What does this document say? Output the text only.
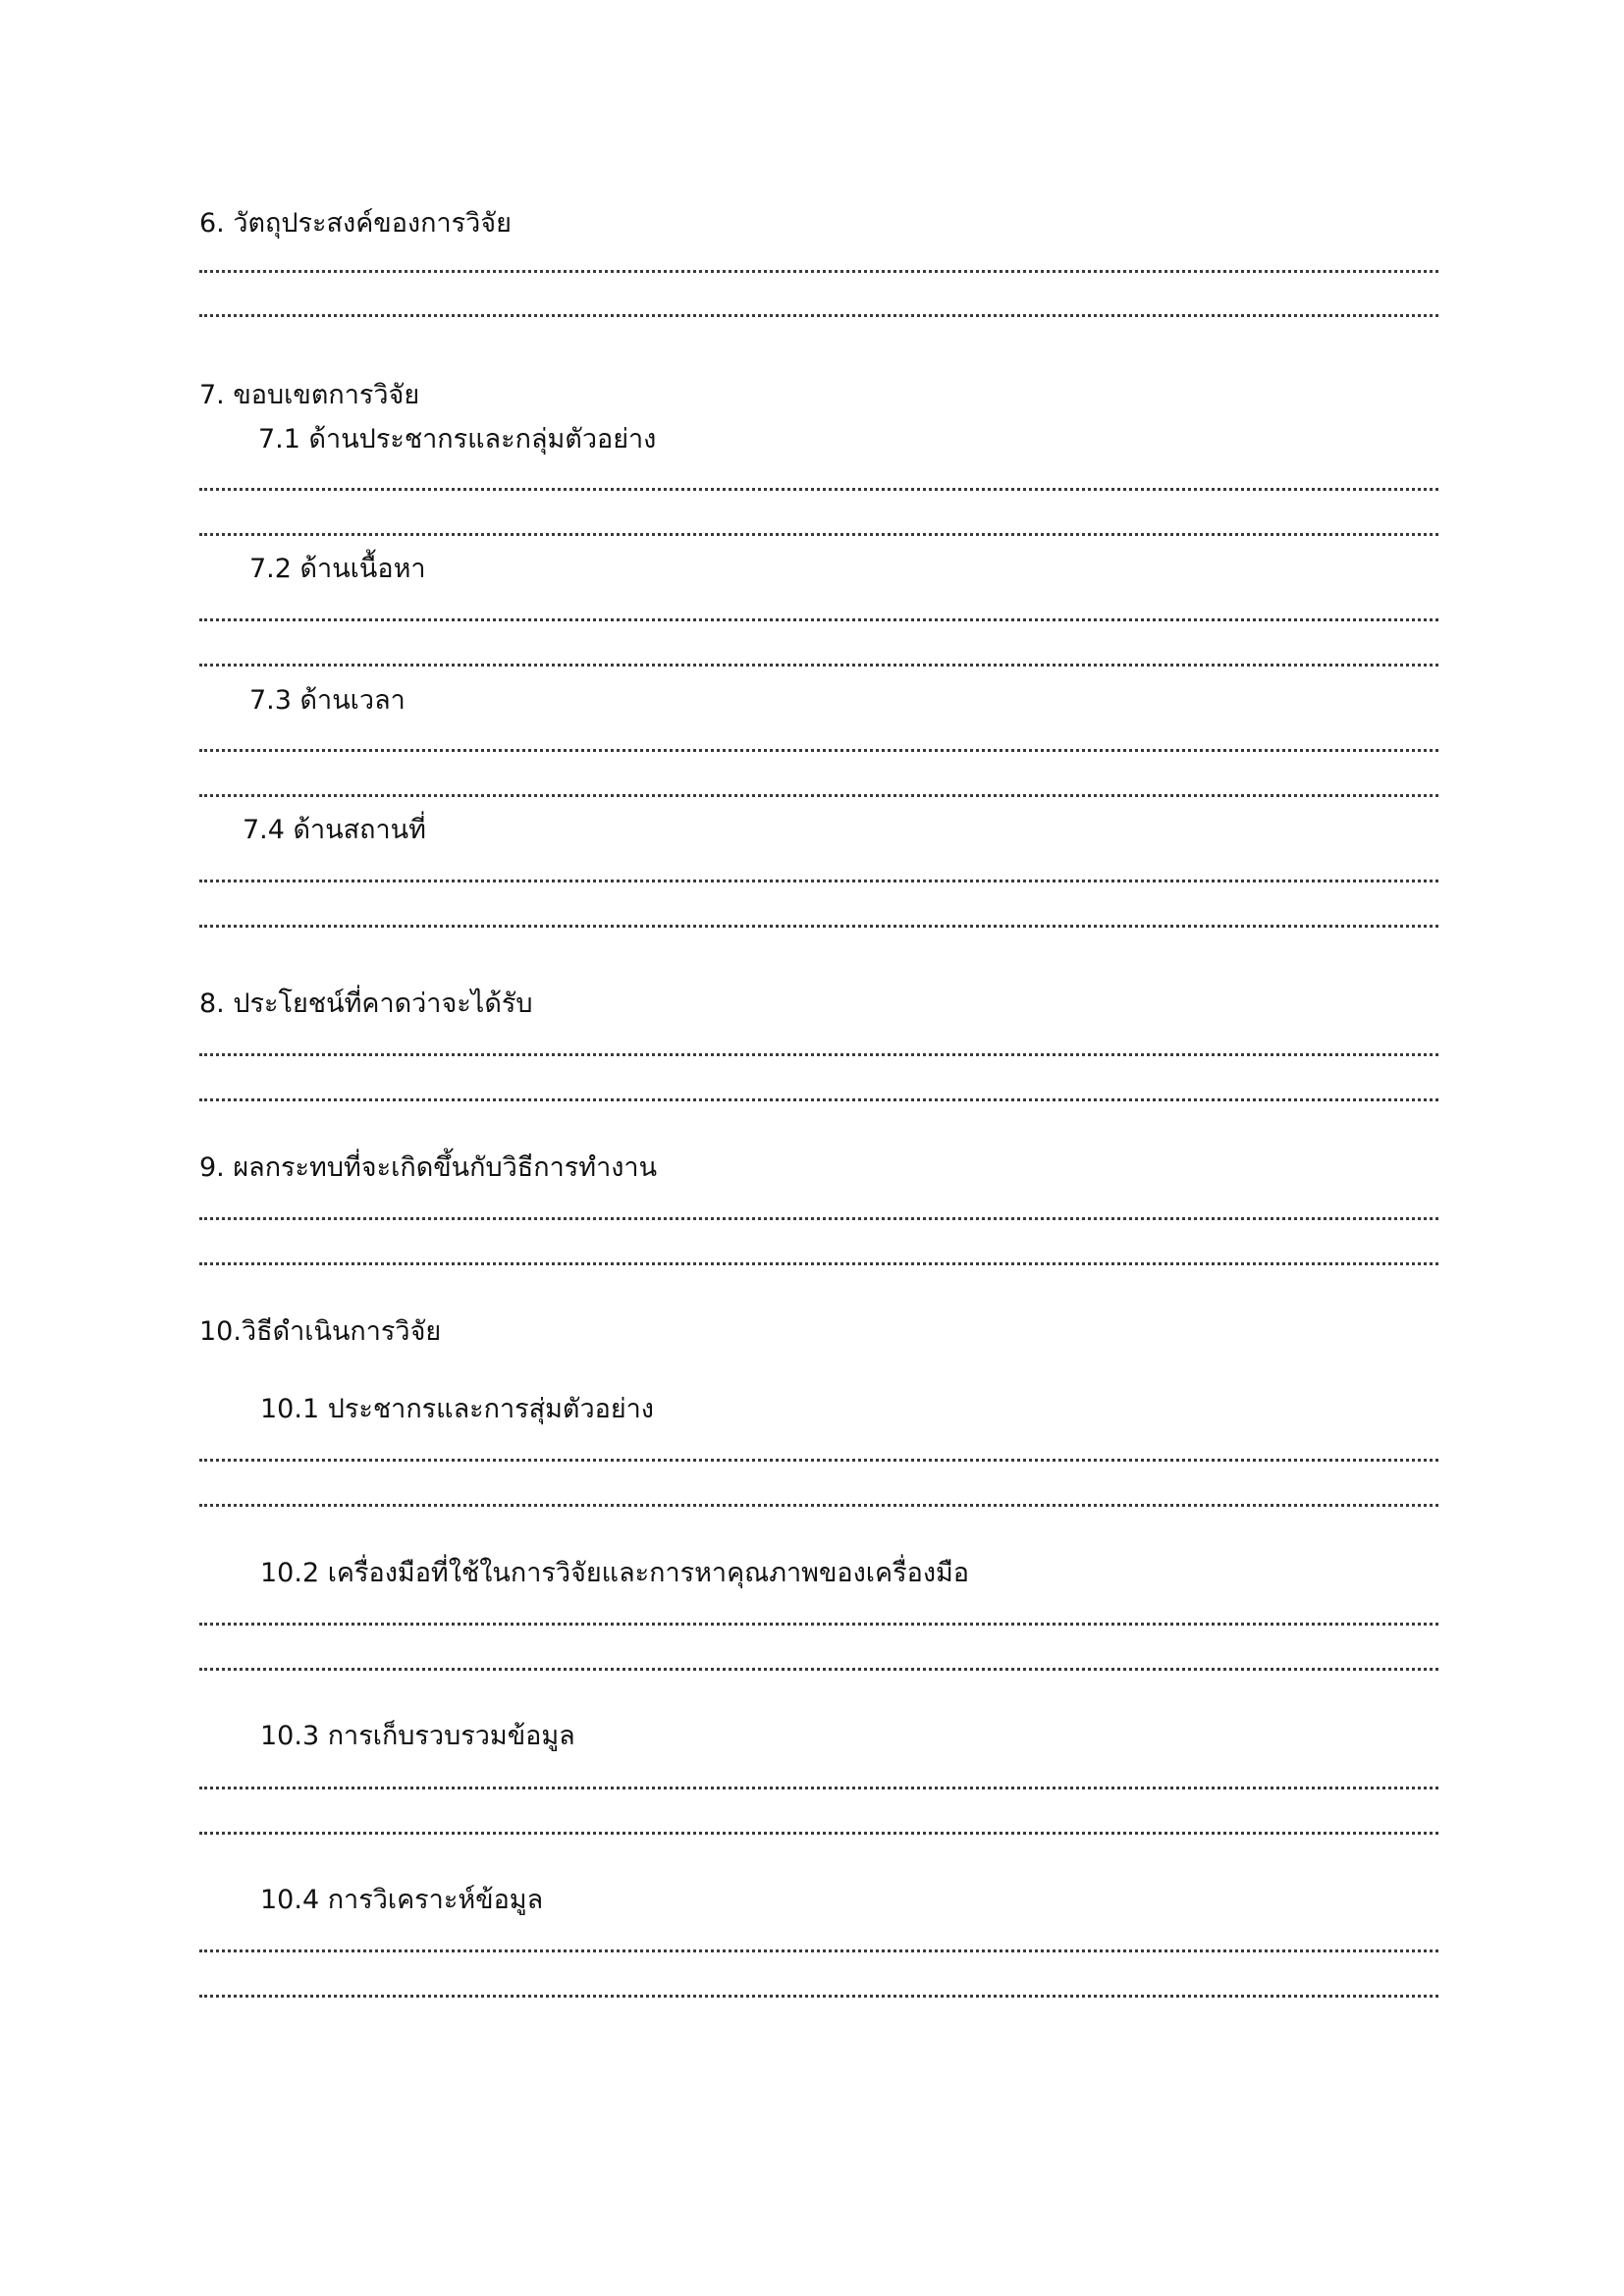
6. วัตถุประสงค์ของการวิจัย
7. ขอบเขตการวิจัย
7.1 ด้านประชากรและกลุ่มตัวอย่าง
7.2 ด้านเนื้อหา
7.3 ด้านเวลา
7.4 ด้านสถานที่
8. ประโยชน์ที่คาดว่าจะได้รับ
9. ผลกระทบที่จะเกิดขึ้นกับวิธีการทำงาน
10.วิธีดำเนินการวิจัย
10.1 ประชากรและการสุ่มตัวอย่าง
10.2 เครื่องมือที่ใช้ในการวิจัยและการหาคุณภาพของเครื่องมือ
10.3 การเก็บรวบรวมข้อมูล
10.4 การวิเคราะห์ข้อมูล
